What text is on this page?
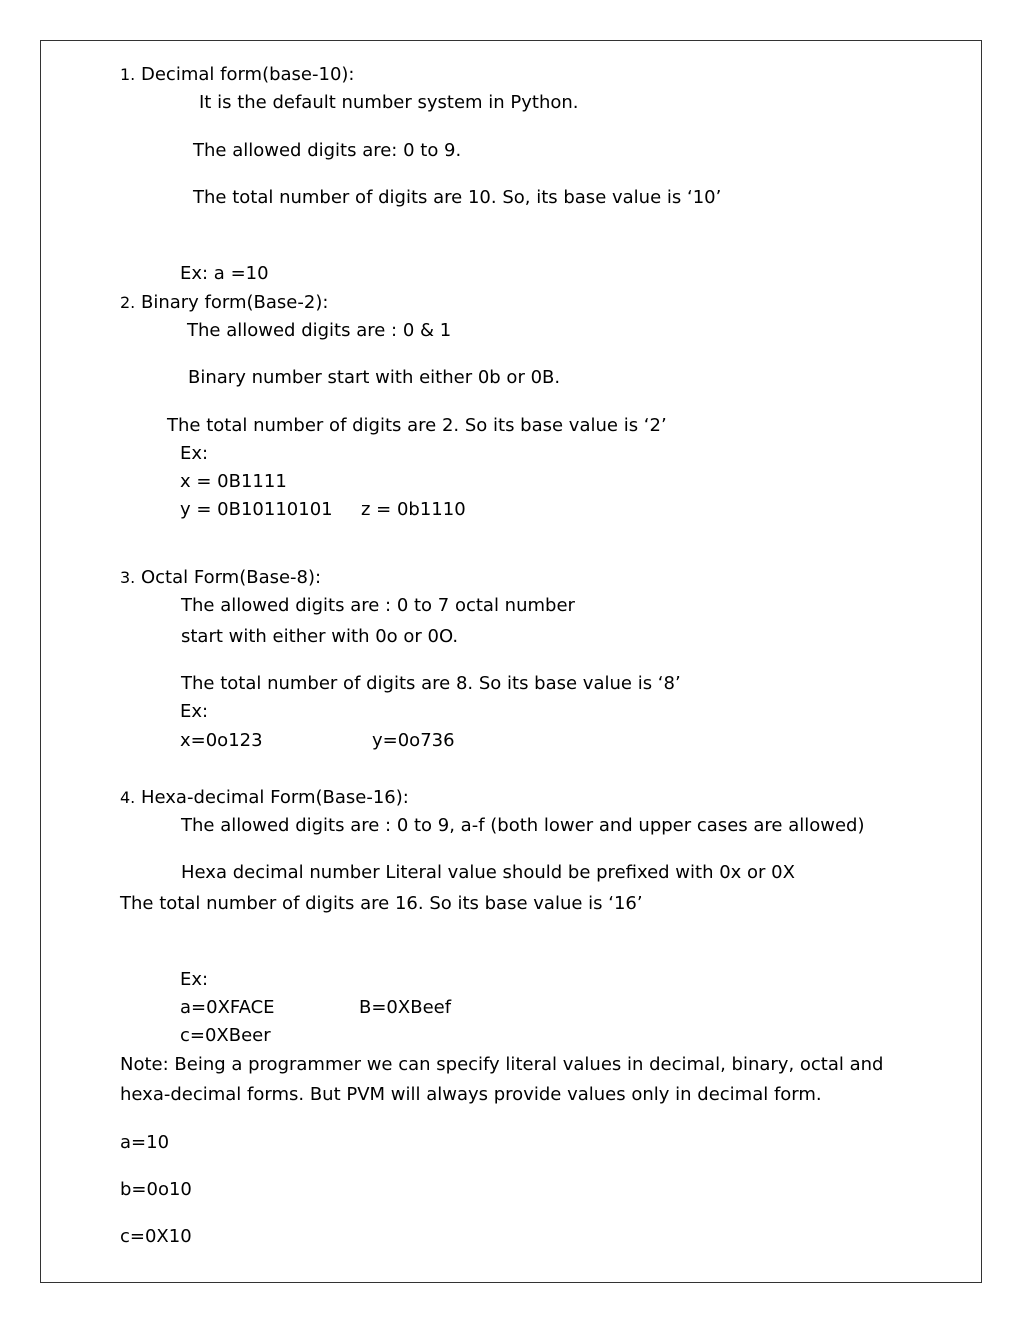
1. Decimal form(base-10):
It is the default number system in Python.
The allowed digits are: 0 to 9.
The total number of digits are 10. So, its base value is ‘10’
Ex: a =10
2. Binary form(Base-2):
The allowed digits are : 0 & 1
Binary number start with either 0b or 0B.
The total number of digits are 2. So its base value is ‘2’
Ex:
x = 0B1111
y = 0B10110101 z = 0b1110
3. Octal Form(Base-8):
The allowed digits are : 0 to 7 octal number
start with either with 0o or 0O.
The total number of digits are 8. So its base value is ‘8’
Ex:
x=0o123	y=0o736
4. Hexa-decimal Form(Base-16):
The allowed digits are : 0 to 9, a-f (both lower and upper cases are allowed)
Hexa decimal number Literal value should be prefixed with 0x or 0X
The total number of digits are 16. So its base value is ‘16’
Ex:
a=0XFACE	B=0XBeef
c=0XBeer
Note: Being a programmer we can specify literal values in decimal, binary, octal and
hexa-decimal forms. But PVM will always provide values only in decimal form.
a=10
b=0o10
c=0X10
